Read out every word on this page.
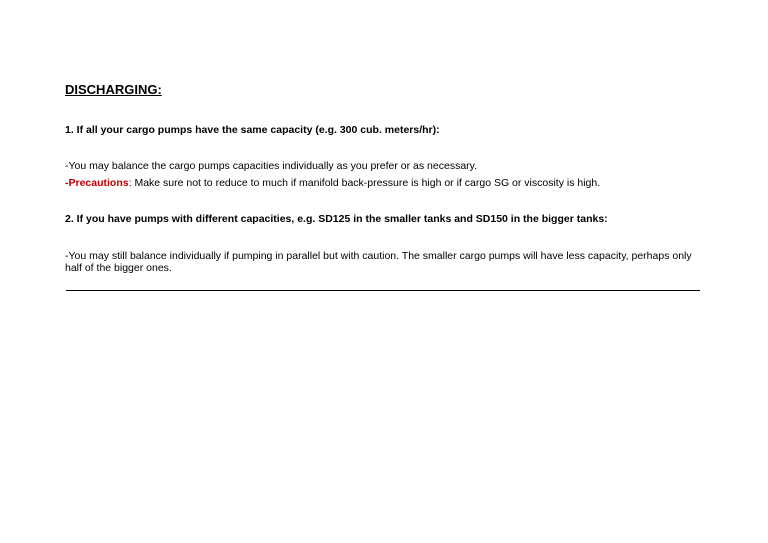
DISCHARGING:

1. If all your cargo pumps have the same capacity (e.g. 300 cub. meters/hr):

-You may balance the cargo pumps capacities individually as you prefer or as necessary.

-Precautions: Make sure not to reduce to much if manifold back-pressure is high or if cargo SG or viscosity is high.

2. If you have pumps with different capacities, e.g. SD125 in the smaller tanks and SD150 in the bigger tanks:

-You may still balance individually if pumping in parallel but with caution. The smaller cargo pumps will have less capacity, perhaps only half of the bigger ones.
